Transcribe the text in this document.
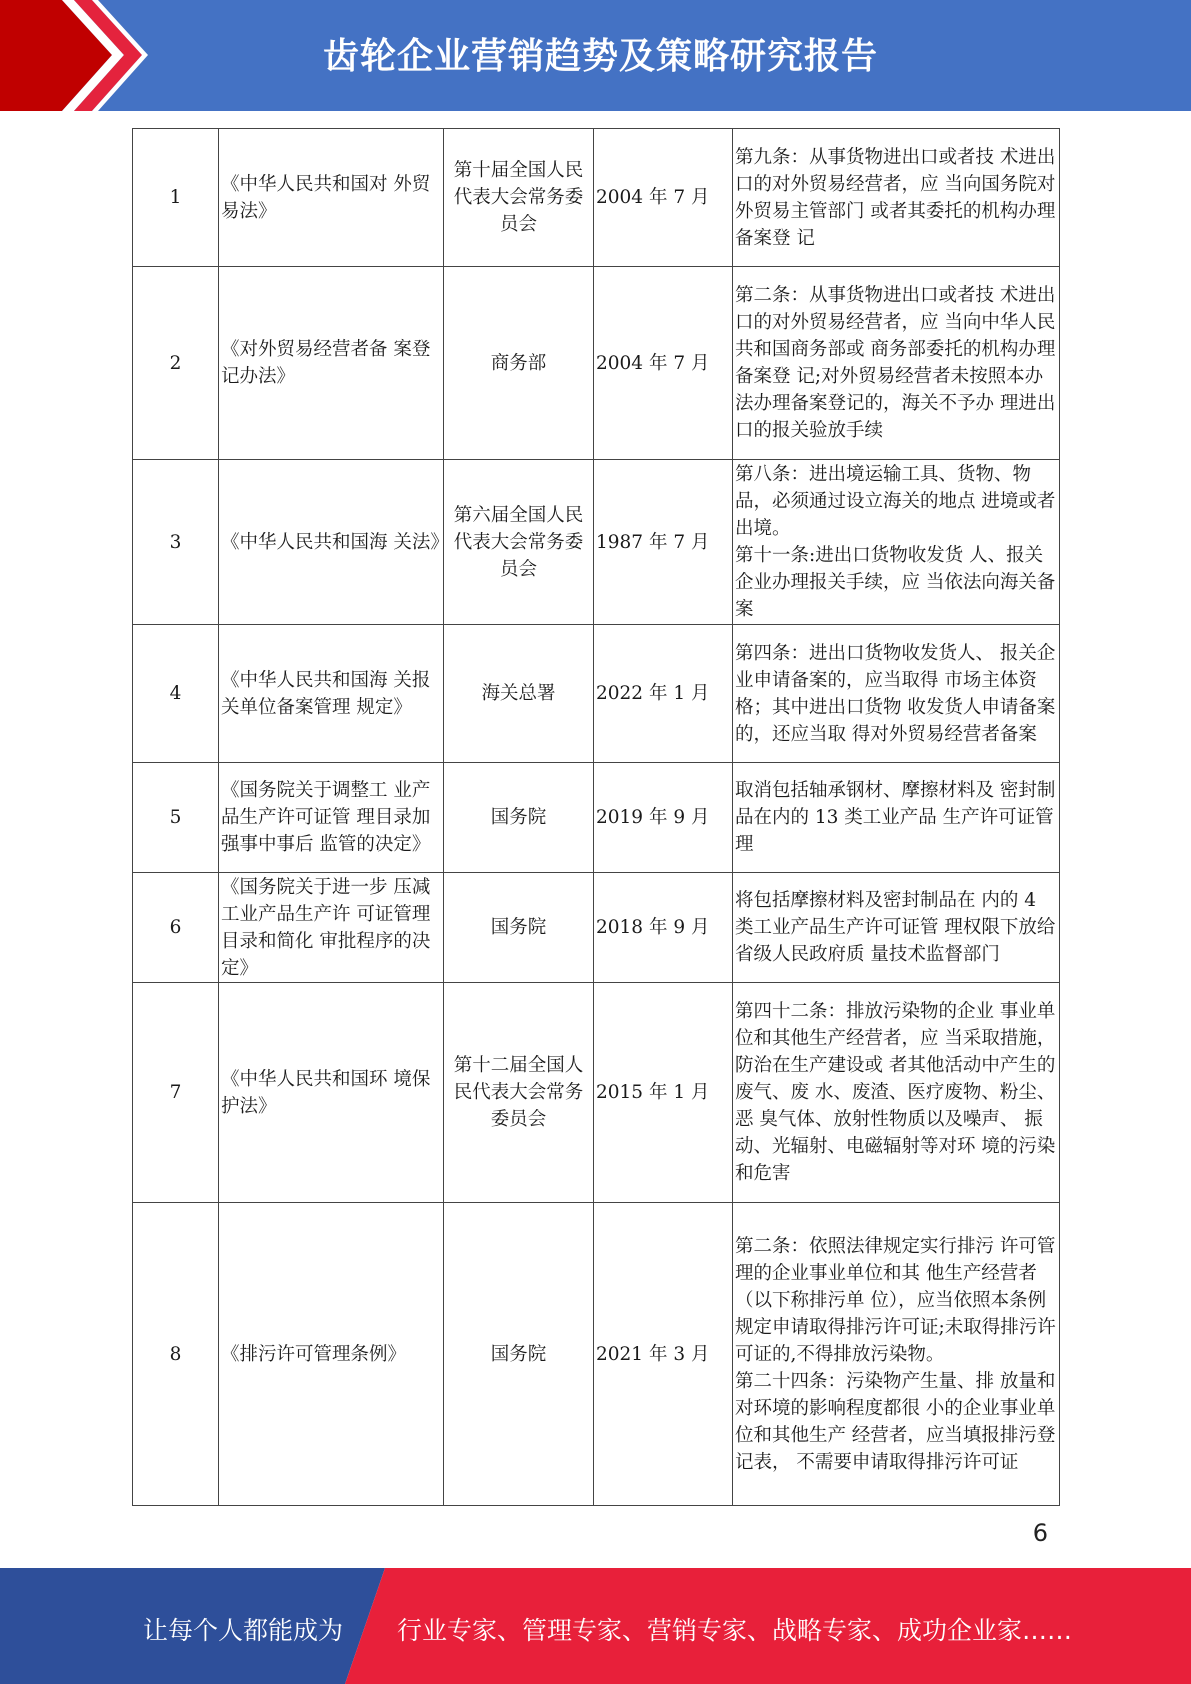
齿轮企业营销趋势及策略研究报告
1	《中华人民共和国对 外贸易法》	第十届全国人民代表大会常务委员会	2004 年 7 月	第九条：从事货物进出口或者技 术进出口的对外贸易经营者，应 当向国务院对外贸易主管部门 或者其委托的机构办理备案登 记
2	《对外贸易经营者备 案登记办法》	商务部	2004 年 7 月	第二条：从事货物进出口或者技 术进出口的对外贸易经营者，应 当向中华人民共和国商务部或 商务部委托的机构办理备案登 记;对外贸易经营者未按照本办 法办理备案登记的，海关不予办 理进出口的报关验放手续
3	《中华人民共和国海 关法》	第六届全国人民代表大会常务委员会	1987 年 7 月	第八条：进出境运输工具、货物、物品，必须通过设立海关的地点 进境或者出境。
第十一条:进出口货物收发货 人、报关企业办理报关手续，应 当依法向海关备案
4	《中华人民共和国海 关报关单位备案管理 规定》	海关总署	2022 年 1 月	第四条：进出口货物收发货人、 报关企业申请备案的，应当取得 市场主体资格；其中进出口货物 收发货人申请备案的，还应当取 得对外贸易经营者备案
5	《国务院关于调整工 业产品生产许可证管 理目录加强事中事后 监管的决定》	国务院	2019 年 9 月	取消包括轴承钢材、摩擦材料及 密封制品在内的 13 类工业产品 生产许可证管理
6	《国务院关于进一步 压减工业产品生产许 可证管理目录和简化 审批程序的决定》	国务院	2018 年 9 月	将包括摩擦材料及密封制品在 内的 4 类工业产品生产许可证管 理权限下放给省级人民政府质 量技术监督部门
7	《中华人民共和国环 境保护法》	第十二届全国人民代表大会常务委员会	2015 年 1 月	第四十二条：排放污染物的企业 事业单位和其他生产经营者，应 当采取措施，防治在生产建设或 者其他活动中产生的废气、废 水、废渣、医疗废物、粉尘、恶 臭气体、放射性物质以及噪声、 振动、光辐射、电磁辐射等对环 境的污染和危害
8	《排污许可管理条例》	国务院	2021 年 3 月	第二条：依照法律规定实行排污 许可管理的企业事业单位和其 他生产经营者（以下称排污单 位），应当依照本条例规定申请取得排污许可证;未取得排污许 可证的,不得排放污染物。
第二十四条：污染物产生量、排 放量和对环境的影响程度都很 小的企业事业单位和其他生产 经营者，应当填报排污登记表， 不需要申请取得排污许可证
6
让每个人都能成为 行业专家、管理专家、营销专家、战略专家、成功企业家……
